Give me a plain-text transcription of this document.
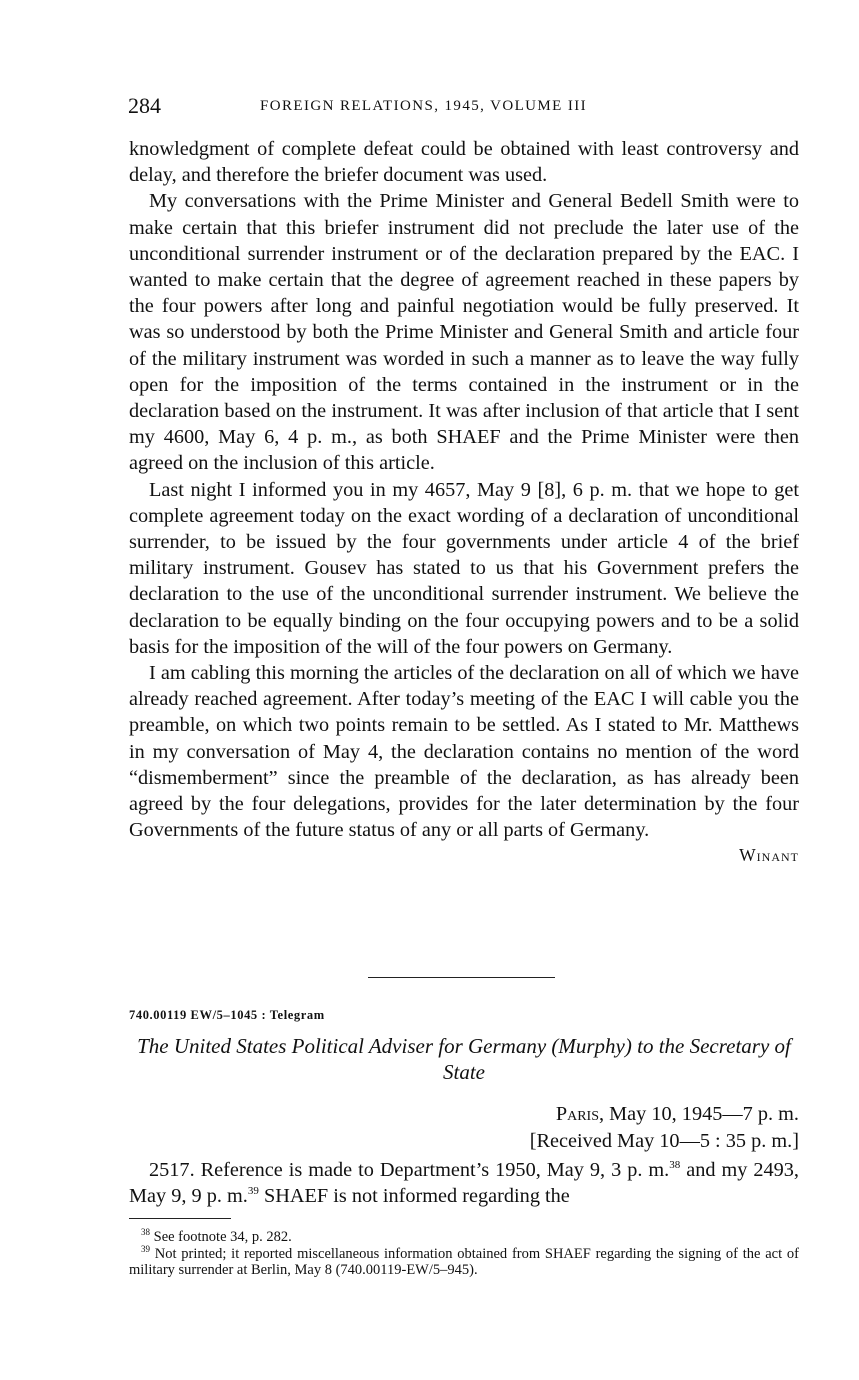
284	FOREIGN RELATIONS, 1945, VOLUME III

knowledgment of complete defeat could be obtained with least controversy and delay, and therefore the briefer document was used.

My conversations with the Prime Minister and General Bedell Smith were to make certain that this briefer instrument did not preclude the later use of the unconditional surrender instrument or of the declaration prepared by the EAC. I wanted to make certain that the degree of agreement reached in these papers by the four powers after long and painful negotiation would be fully preserved. It was so understood by both the Prime Minister and General Smith and article four of the military instrument was worded in such a manner as to leave the way fully open for the imposition of the terms contained in the instrument or in the declaration based on the instrument. It was after inclusion of that article that I sent my 4600, May 6, 4 p. m., as both SHAEF and the Prime Minister were then agreed on the inclusion of this article.

Last night I informed you in my 4657, May 9 [8], 6 p. m. that we hope to get complete agreement today on the exact wording of a declaration of unconditional surrender, to be issued by the four governments under article 4 of the brief military instrument. Gousev has stated to us that his Government prefers the declaration to the use of the unconditional surrender instrument. We believe the declaration to be equally binding on the four occupying powers and to be a solid basis for the imposition of the will of the four powers on Germany.

I am cabling this morning the articles of the declaration on all of which we have already reached agreement. After today’s meeting of the EAC I will cable you the preamble, on which two points remain to be settled. As I stated to Mr. Matthews in my conversation of May 4, the declaration contains no mention of the word “dismemberment” since the preamble of the declaration, as has already been agreed by the four delegations, provides for the later determination by the four Governments of the future status of any or all parts of Germany.

Winant
740.00119 EW/5–1045 : Telegram
The United States Political Adviser for Germany (Murphy) to the Secretary of State
Paris, May 10, 1945—7 p. m.
[Received May 10—5 : 35 p. m.]

2517. Reference is made to Department’s 1950, May 9, 3 p. m.$^{38}$ and my 2493, May 9, 9 p. m.$^{39}$ SHAEF is not informed regarding the

$^{38}$ See footnote 34, p. 282.

$^{39}$ Not printed; it reported miscellaneous information obtained from SHAEF regarding the signing of the act of military surrender at Berlin, May 8 (740.00119-EW/5–945).
